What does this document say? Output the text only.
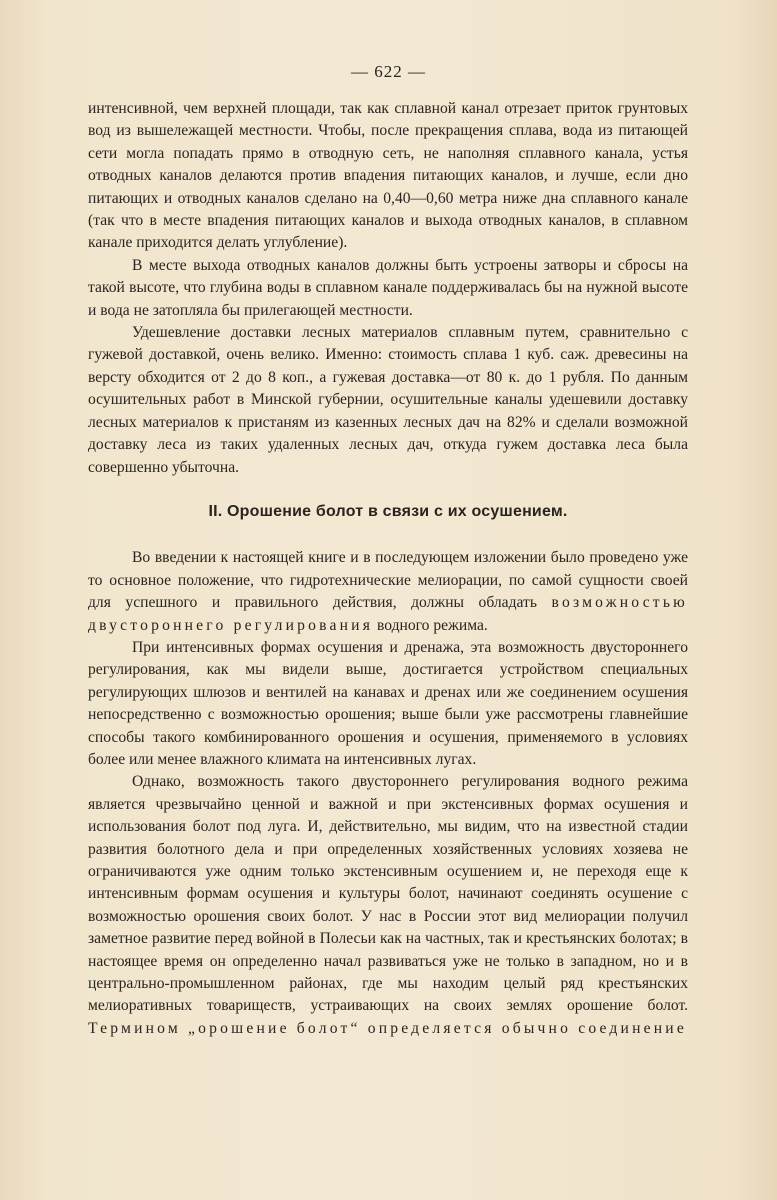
— 622 —

интенсивной, чем верхней площади, так как сплавной канал отрезает приток грунтовых вод из вышележащей местности. Чтобы, после прекращения сплава, вода из питающей сети могла попадать прямо в отводную сеть, не наполняя сплавного канала, устья отводных каналов делаются против впадения питающих каналов, и лучше, если дно питающих и отводных каналов сделано на 0,40—0,60 метра ниже дна сплавного канале (так что в месте впадения питающих каналов и выхода отводных каналов, в сплавном канале приходится делать углубление).

В месте выхода отводных каналов должны быть устроены затворы и сбросы на такой высоте, что глубина воды в сплавном канале поддерживалась бы на нужной высоте и вода не затопляла бы прилегающей местности.

Удешевление доставки лесных материалов сплавным путем, сравнительно с гужевой доставкой, очень велико. Именно: стоимость сплава 1 куб. саж. древесины на версту обходится от 2 до 8 коп., а гужевая доставка—от 80 к. до 1 рубля. По данным осушительных работ в Минской губернии, осушительные каналы удешевили доставку лесных материалов к пристаням из казенных лесных дач на 82% и сделали возможной доставку леса из таких удаленных лесных дач, откуда гужем доставка леса была совершенно убыточна.

II. Орошение болот в связи с их осушением.

Во введении к настоящей книге и в последующем изложении было проведено уже то основное положение, что гидротехнические мелиорации, по самой сущности своей для успешного и правильного действия, должны обладать возможностью двустороннего регулирования водного режима.

При интенсивных формах осушения и дренажа, эта возможность двустороннего регулирования, как мы видели выше, достигается устройством специальных регулирующих шлюзов и вентилей на канавах и дренах или же соединением осушения непосредственно с возможностью орошения; выше были уже рассмотрены главнейшие способы такого комбинированного орошения и осушения, применяемого в условиях более или менее влажного климата на интенсивных лугах.

Однако, возможность такого двустороннего регулирования водного режима является чрезвычайно ценной и важной и при экстенсивных формах осушения и использования болот под луга. И, действительно, мы видим, что на известной стадии развития болотного дела и при определенных хозяйственных условиях хозяева не ограничиваются уже одним только экстенсивным осушением и, не переходя еще к интенсивным формам осушения и культуры болот, начинают соединять осушение с возможностью орошения своих болот. У нас в России этот вид мелиорации получил заметное развитие перед войной в Полесьи как на частных, так и крестьянских болотах; в настоящее время он определенно начал развиваться уже не только в западном, но и в центрально-промышленном районах, где мы находим целый ряд крестьянских мелиоративных товариществ, устраивающих на своих землях орошение болот. Термином „орошение болот“ определяется обычно соединение
